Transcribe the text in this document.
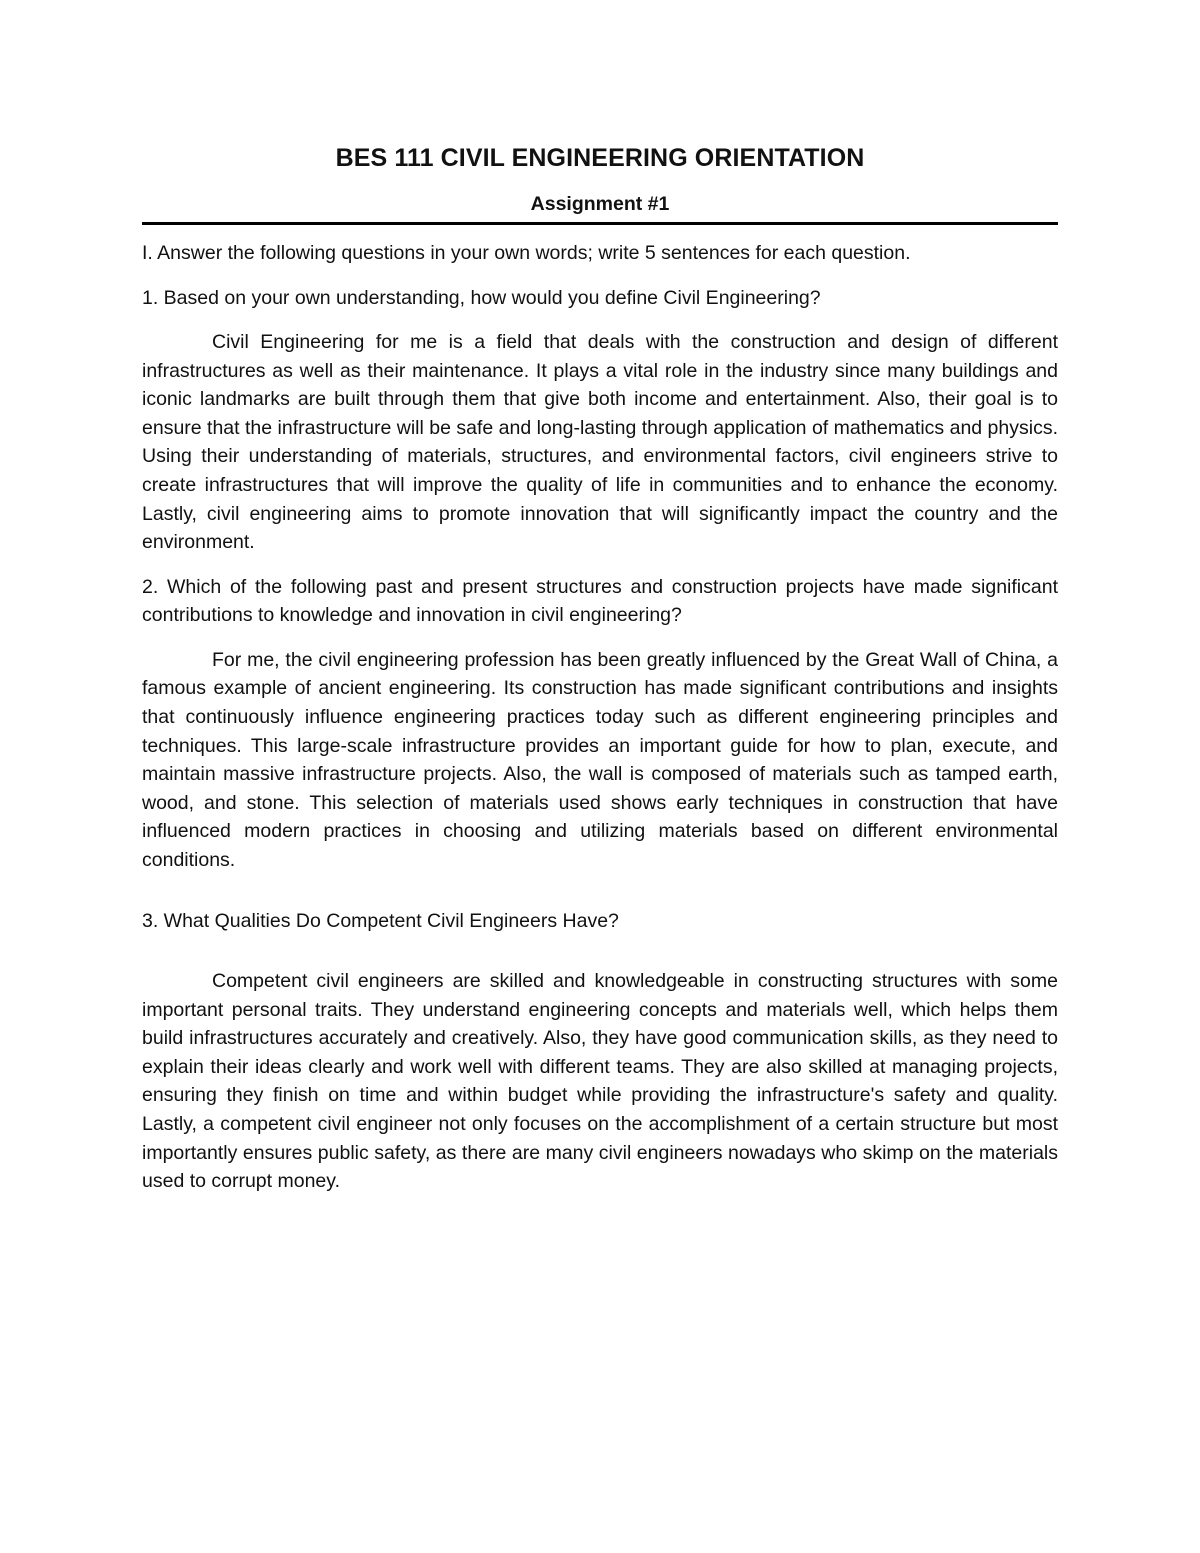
BES 111 CIVIL ENGINEERING ORIENTATION
Assignment #1

I. Answer the following questions in your own words; write 5 sentences for each question.

1. Based on your own understanding, how would you define Civil Engineering?

Civil Engineering for me is a field that deals with the construction and design of different infrastructures as well as their maintenance. It plays a vital role in the industry since many buildings and iconic landmarks are built through them that give both income and entertainment. Also, their goal is to ensure that the infrastructure will be safe and long-lasting through application of mathematics and physics. Using their understanding of materials, structures, and environmental factors, civil engineers strive to create infrastructures that will improve the quality of life in communities and to enhance the economy. Lastly, civil engineering aims to promote innovation that will significantly impact the country and the environment.

2. Which of the following past and present structures and construction projects have made significant contributions to knowledge and innovation in civil engineering?

For me, the civil engineering profession has been greatly influenced by the Great Wall of China, a famous example of ancient engineering. Its construction has made significant contributions and insights that continuously influence engineering practices today such as different engineering principles and techniques. This large-scale infrastructure provides an important guide for how to plan, execute, and maintain massive infrastructure projects. Also, the wall is composed of materials such as tamped earth, wood, and stone. This selection of materials used shows early techniques in construction that have influenced modern practices in choosing and utilizing materials based on different environmental conditions.

3. What Qualities Do Competent Civil Engineers Have?

Competent civil engineers are skilled and knowledgeable in constructing structures with some important personal traits. They understand engineering concepts and materials well, which helps them build infrastructures accurately and creatively. Also, they have good communication skills, as they need to explain their ideas clearly and work well with different teams. They are also skilled at managing projects, ensuring they finish on time and within budget while providing the infrastructure's safety and quality. Lastly, a competent civil engineer not only focuses on the accomplishment of a certain structure but most importantly ensures public safety, as there are many civil engineers nowadays who skimp on the materials used to corrupt money.
